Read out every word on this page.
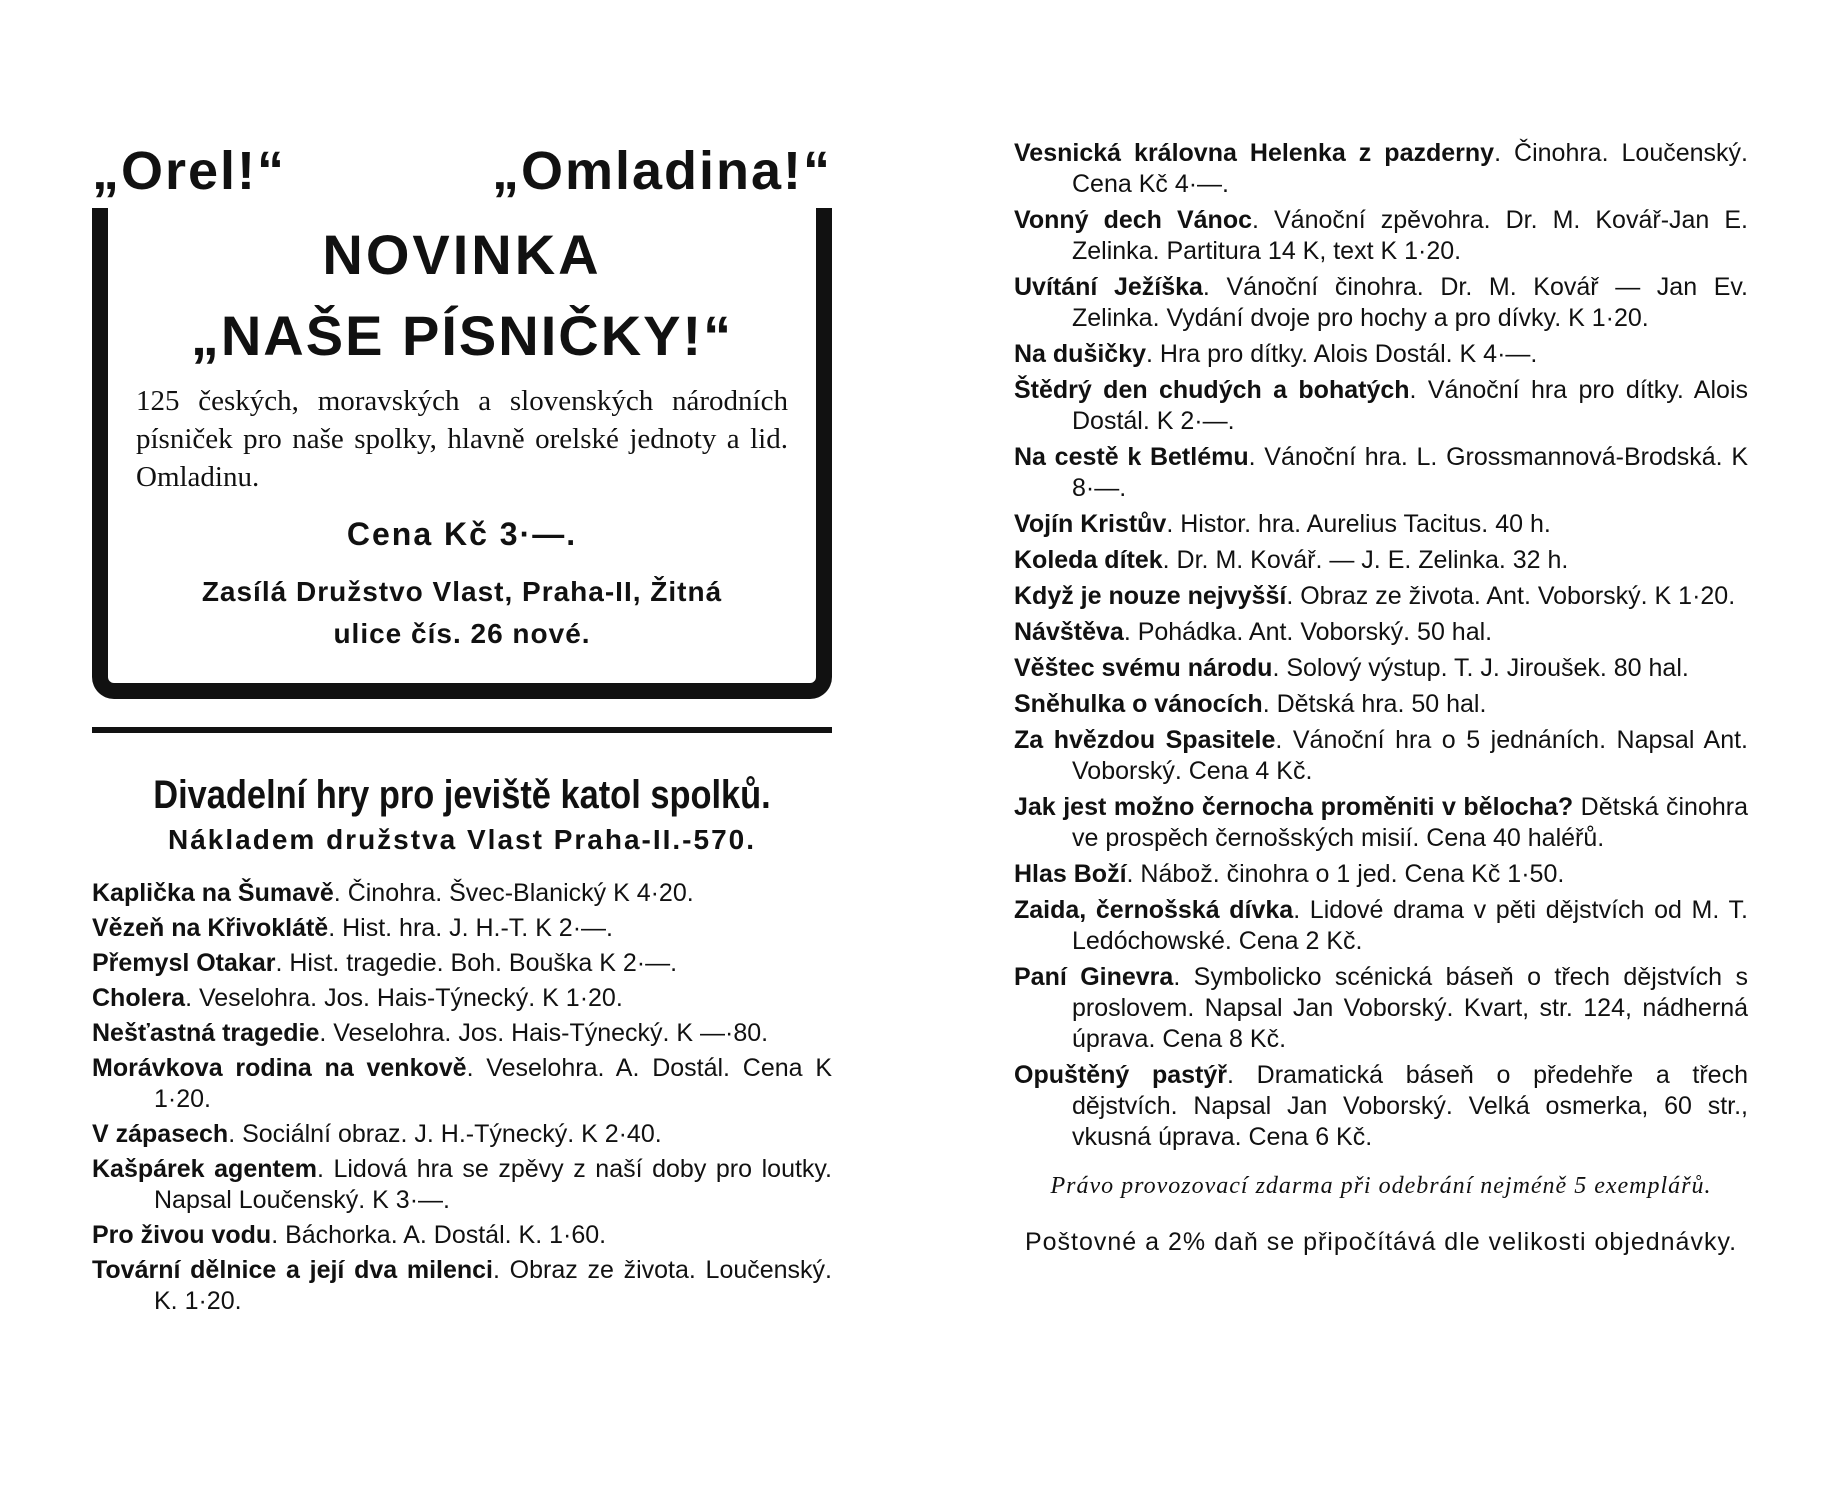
„Orel!“	„Omladina!“
NOVINKA
„NAŠE PÍSNIČKY!“
125 českých, moravských a slovenských národních písniček pro naše spolky, hlavně orelské jednoty a lid. Omladinu.
Cena Kč 3·—.
Zasílá Družstvo Vlast, Praha-II, Žitná
ulice čís. 26 nové.
Divadelní hry pro jeviště katol spolků.
Nákladem družstva Vlast Praha-II.-570.
Kaplička na Šumavě. Činohra. Švec-Blanický K 4·20.
Vězeň na Křivoklátě. Hist. hra. J. H.-T. K 2·—.
Přemysl Otakar. Hist. tragedie. Boh. Bouška K 2·—.
Cholera. Veselohra. Jos. Hais-Týnecký. K 1·20.
Nešťastná tragedie. Veselohra. Jos. Hais-Týnecký. K —·80.
Morávkova rodina na venkově. Veselohra. A. Dostál. Cena K 1·20.
V zápasech. Sociální obraz. J. H.-Týnecký. K 2·40.
Kašpárek agentem. Lidová hra se zpěvy z naší doby pro loutky. Napsal Loučenský. K 3·—.
Pro živou vodu. Báchorka. A. Dostál. K. 1·60.
Tovární dělnice a její dva milenci. Obraz ze života. Loučenský. K. 1·20.
Vesnická královna Helenka z pazderny. Činohra. Loučenský. Cena Kč 4·—.
Vonný dech Vánoc. Vánoční zpěvohra. Dr. M. Kovář-Jan E. Zelinka. Partitura 14 K, text K 1·20.
Uvítání Ježíška. Vánoční činohra. Dr. M. Kovář — Jan Ev. Zelinka. Vydání dvoje pro hochy a pro dívky. K 1·20.
Na dušičky. Hra pro dítky. Alois Dostál. K 4·—.
Štědrý den chudých a bohatých. Vánoční hra pro dítky. Alois Dostál. K 2·—.
Na cestě k Betlému. Vánoční hra. L. Grossmannová-Brodská. K 8·—.
Vojín Kristův. Histor. hra. Aurelius Tacitus. 40 h.
Koleda dítek. Dr. M. Kovář. — J. E. Zelinka. 32 h.
Když je nouze nejvyšší. Obraz ze života. Ant. Voborský. K 1·20.
Návštěva. Pohádka. Ant. Voborský. 50 hal.
Věštec svému národu. Solový výstup. T. J. Jiroušek. 80 hal.
Sněhulka o vánocích. Dětská hra. 50 hal.
Za hvězdou Spasitele. Vánoční hra o 5 jednáních. Napsal Ant. Voborský. Cena 4 Kč.
Jak jest možno černocha proměniti v bělocha? Dětská činohra ve prospěch černošských misií. Cena 40 haléřů.
Hlas Boží. Nábož. činohra o 1 jed. Cena Kč 1·50.
Zaida, černošská dívka. Lidové drama v pěti dějstvích od M. T. Ledóchowské. Cena 2 Kč.
Paní Ginevra. Symbolicko scénická báseň o třech dějstvích s proslovem. Napsal Jan Voborský. Kvart, str. 124, nádherná úprava. Cena 8 Kč.
Opuštěný pastýř. Dramatická báseň o předehře a třech dějstvích. Napsal Jan Voborský. Velká osmerka, 60 str., vkusná úprava. Cena 6 Kč.
Právo provozovací zdarma při odebrání nejméně 5 exemplářů.
Poštovné a 2% daň se připočítává dle velikosti objednávky.
